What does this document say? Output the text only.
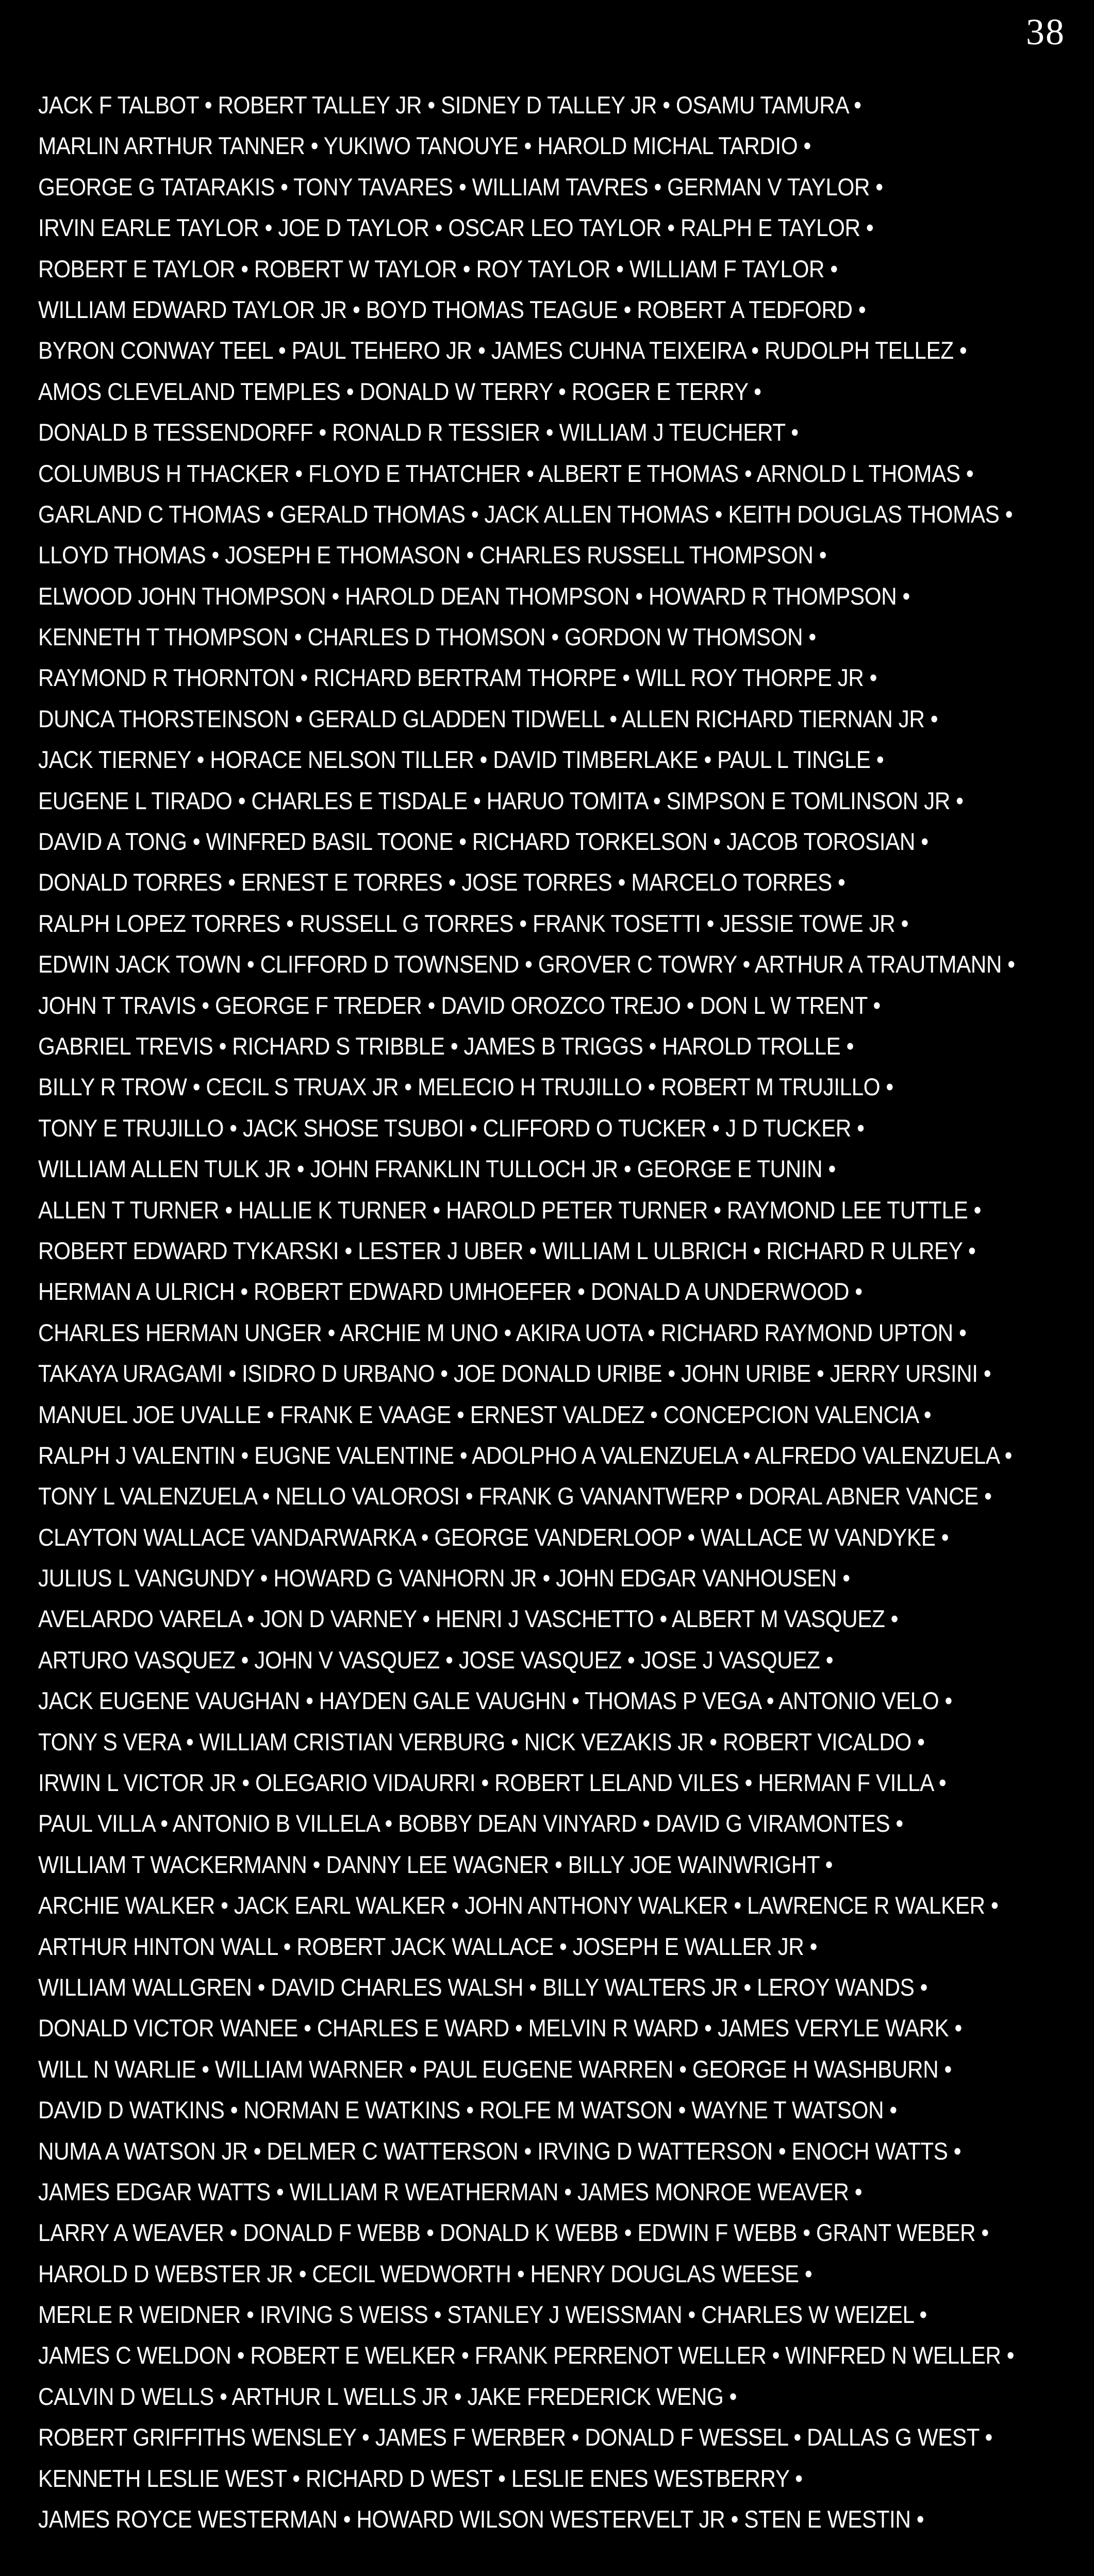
38
JACK F TALBOT • ROBERT TALLEY JR • SIDNEY D TALLEY JR • OSAMU TAMURA •
MARLIN ARTHUR TANNER • YUKIWO TANOUYE • HAROLD MICHAL TARDIO •
GEORGE G TATARAKIS • TONY TAVARES • WILLIAM TAVRES • GERMAN V TAYLOR •
IRVIN EARLE TAYLOR • JOE D TAYLOR • OSCAR LEO TAYLOR • RALPH E TAYLOR •
ROBERT E TAYLOR • ROBERT W TAYLOR • ROY TAYLOR • WILLIAM F TAYLOR •
WILLIAM EDWARD TAYLOR JR • BOYD THOMAS TEAGUE • ROBERT A TEDFORD •
BYRON CONWAY TEEL • PAUL TEHERO JR • JAMES CUHNA TEIXEIRA • RUDOLPH TELLEZ •
AMOS CLEVELAND TEMPLES • DONALD W TERRY • ROGER E TERRY •
DONALD B TESSENDORFF • RONALD R TESSIER • WILLIAM J TEUCHERT •
COLUMBUS H THACKER • FLOYD E THATCHER • ALBERT E THOMAS • ARNOLD L THOMAS •
GARLAND C THOMAS • GERALD THOMAS • JACK ALLEN THOMAS • KEITH DOUGLAS THOMAS •
LLOYD THOMAS • JOSEPH E THOMASON • CHARLES RUSSELL THOMPSON •
ELWOOD JOHN THOMPSON • HAROLD DEAN THOMPSON • HOWARD R THOMPSON •
KENNETH T THOMPSON • CHARLES D THOMSON • GORDON W THOMSON •
RAYMOND R THORNTON • RICHARD BERTRAM THORPE • WILL ROY THORPE JR •
DUNCA THORSTEINSON • GERALD GLADDEN TIDWELL • ALLEN RICHARD TIERNAN JR •
JACK TIERNEY • HORACE NELSON TILLER • DAVID TIMBERLAKE • PAUL L TINGLE •
EUGENE L TIRADO • CHARLES E TISDALE • HARUO TOMITA • SIMPSON E TOMLINSON JR •
DAVID A TONG • WINFRED BASIL TOONE • RICHARD TORKELSON • JACOB TOROSIAN •
DONALD TORRES • ERNEST E TORRES • JOSE TORRES • MARCELO TORRES •
RALPH LOPEZ TORRES • RUSSELL G TORRES • FRANK TOSETTI • JESSIE TOWE JR •
EDWIN JACK TOWN • CLIFFORD D TOWNSEND • GROVER C TOWRY • ARTHUR A TRAUTMANN •
JOHN T TRAVIS • GEORGE F TREDER • DAVID OROZCO TREJO • DON L W TRENT •
GABRIEL TREVIS • RICHARD S TRIBBLE • JAMES B TRIGGS • HAROLD TROLLE •
BILLY R TROW • CECIL S TRUAX JR • MELECIO H TRUJILLO • ROBERT M TRUJILLO •
TONY E TRUJILLO • JACK SHOSE TSUBOI • CLIFFORD O TUCKER • J D TUCKER •
WILLIAM ALLEN TULK JR • JOHN FRANKLIN TULLOCH JR • GEORGE E TUNIN •
ALLEN T TURNER • HALLIE K TURNER • HAROLD PETER TURNER • RAYMOND LEE TUTTLE •
ROBERT EDWARD TYKARSKI • LESTER J UBER • WILLIAM L ULBRICH • RICHARD R ULREY •
HERMAN A ULRICH • ROBERT EDWARD UMHOEFER • DONALD A UNDERWOOD •
CHARLES HERMAN UNGER • ARCHIE M UNO • AKIRA UOTA • RICHARD RAYMOND UPTON •
TAKAYA URAGAMI • ISIDRO D URBANO • JOE DONALD URIBE • JOHN URIBE • JERRY URSINI •
MANUEL JOE UVALLE • FRANK E VAAGE • ERNEST VALDEZ • CONCEPCION VALENCIA •
RALPH J VALENTIN • EUGNE VALENTINE • ADOLPHO A VALENZUELA • ALFREDO VALENZUELA •
TONY L VALENZUELA • NELLO VALOROSI • FRANK G VANANTWERP • DORAL ABNER VANCE •
CLAYTON WALLACE VANDARWARKA • GEORGE VANDERLOOP • WALLACE W VANDYKE •
JULIUS L VANGUNDY • HOWARD G VANHORN JR • JOHN EDGAR VANHOUSEN •
AVELARDO VARELA • JON D VARNEY • HENRI J VASCHETTO • ALBERT M VASQUEZ •
ARTURO VASQUEZ • JOHN V VASQUEZ • JOSE VASQUEZ • JOSE J VASQUEZ •
JACK EUGENE VAUGHAN • HAYDEN GALE VAUGHN • THOMAS P VEGA • ANTONIO VELO •
TONY S VERA • WILLIAM CRISTIAN VERBURG • NICK VEZAKIS JR • ROBERT VICALDO •
IRWIN L VICTOR JR • OLEGARIO VIDAURRI • ROBERT LELAND VILES • HERMAN F VILLA •
PAUL VILLA • ANTONIO B VILLELA • BOBBY DEAN VINYARD • DAVID G VIRAMONTES •
WILLIAM T WACKERMANN • DANNY LEE WAGNER • BILLY JOE WAINWRIGHT •
ARCHIE WALKER • JACK EARL WALKER • JOHN ANTHONY WALKER • LAWRENCE R WALKER •
ARTHUR HINTON WALL • ROBERT JACK WALLACE • JOSEPH E WALLER JR •
WILLIAM WALLGREN • DAVID CHARLES WALSH • BILLY WALTERS JR • LEROY WANDS •
DONALD VICTOR WANEE • CHARLES E WARD • MELVIN R WARD • JAMES VERYLE WARK •
WILL N WARLIE • WILLIAM WARNER • PAUL EUGENE WARREN • GEORGE H WASHBURN •
DAVID D WATKINS • NORMAN E WATKINS • ROLFE M WATSON • WAYNE T WATSON •
NUMA A WATSON JR • DELMER C WATTERSON • IRVING D WATTERSON • ENOCH WATTS •
JAMES EDGAR WATTS • WILLIAM R WEATHERMAN • JAMES MONROE WEAVER •
LARRY A WEAVER • DONALD F WEBB • DONALD K WEBB • EDWIN F WEBB • GRANT WEBER •
HAROLD D WEBSTER JR • CECIL WEDWORTH • HENRY DOUGLAS WEESE •
MERLE R WEIDNER • IRVING S WEISS • STANLEY J WEISSMAN • CHARLES W WEIZEL •
JAMES C WELDON • ROBERT E WELKER • FRANK PERRENOT WELLER • WINFRED N WELLER •
CALVIN D WELLS • ARTHUR L WELLS JR • JAKE FREDERICK WENG •
ROBERT GRIFFITHS WENSLEY • JAMES F WERBER • DONALD F WESSEL • DALLAS G WEST •
KENNETH LESLIE WEST • RICHARD D WEST • LESLIE ENES WESTBERRY •
JAMES ROYCE WESTERMAN • HOWARD WILSON WESTERVELT JR • STEN E WESTIN •
